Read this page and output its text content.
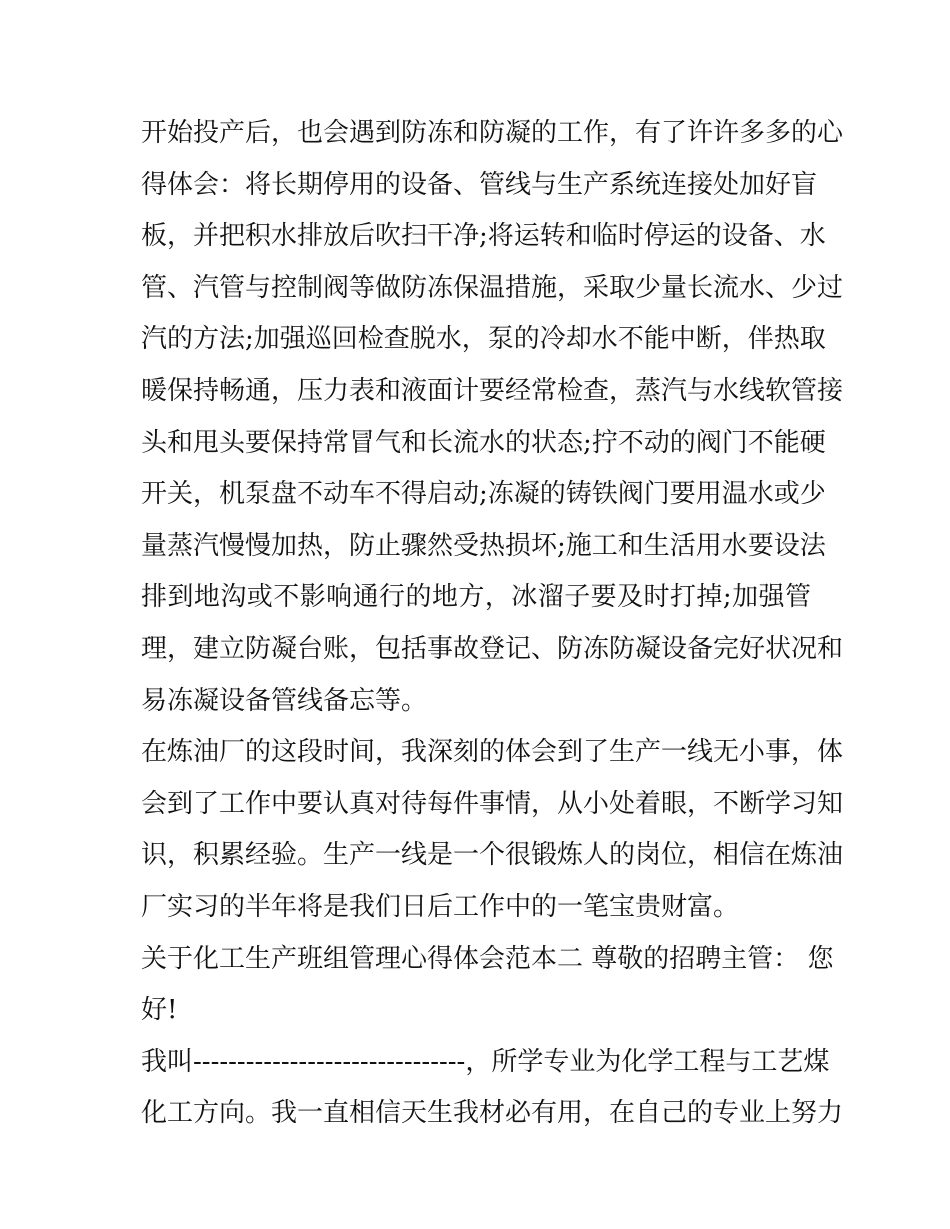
开始投产后，也会遇到防冻和防凝的工作，有了许许多多的心
得体会：将长期停用的设备、管线与生产系统连接处加好盲
板，并把积水排放后吹扫干净;将运转和临时停运的设备、水
管、汽管与控制阀等做防冻保温措施，采取少量长流水、少过
汽的方法;加强巡回检查脱水，泵的冷却水不能中断，伴热取
暖保持畅通，压力表和液面计要经常检查，蒸汽与水线软管接
头和甩头要保持常冒气和长流水的状态;拧不动的阀门不能硬
开关，机泵盘不动车不得启动;冻凝的铸铁阀门要用温水或少
量蒸汽慢慢加热，防止骤然受热损坏;施工和生活用水要设法
排到地沟或不影响通行的地方，冰溜子要及时打掉;加强管
理，建立防凝台账，包括事故登记、防冻防凝设备完好状况和
易冻凝设备管线备忘等。
在炼油厂的这段时间，我深刻的体会到了生产一线无小事，体
会到了工作中要认真对待每件事情，从小处着眼，不断学习知
识，积累经验。生产一线是一个很锻炼人的岗位，相信在炼油
厂实习的半年将是我们日后工作中的一笔宝贵财富。
关于化工生产班组管理心得体会范本二 尊敬的招聘主管： 您
好!
我叫-------------------------------，所学专业为化学工程与工艺煤
化工方向。我一直相信天生我材必有用，在自己的专业上努力
